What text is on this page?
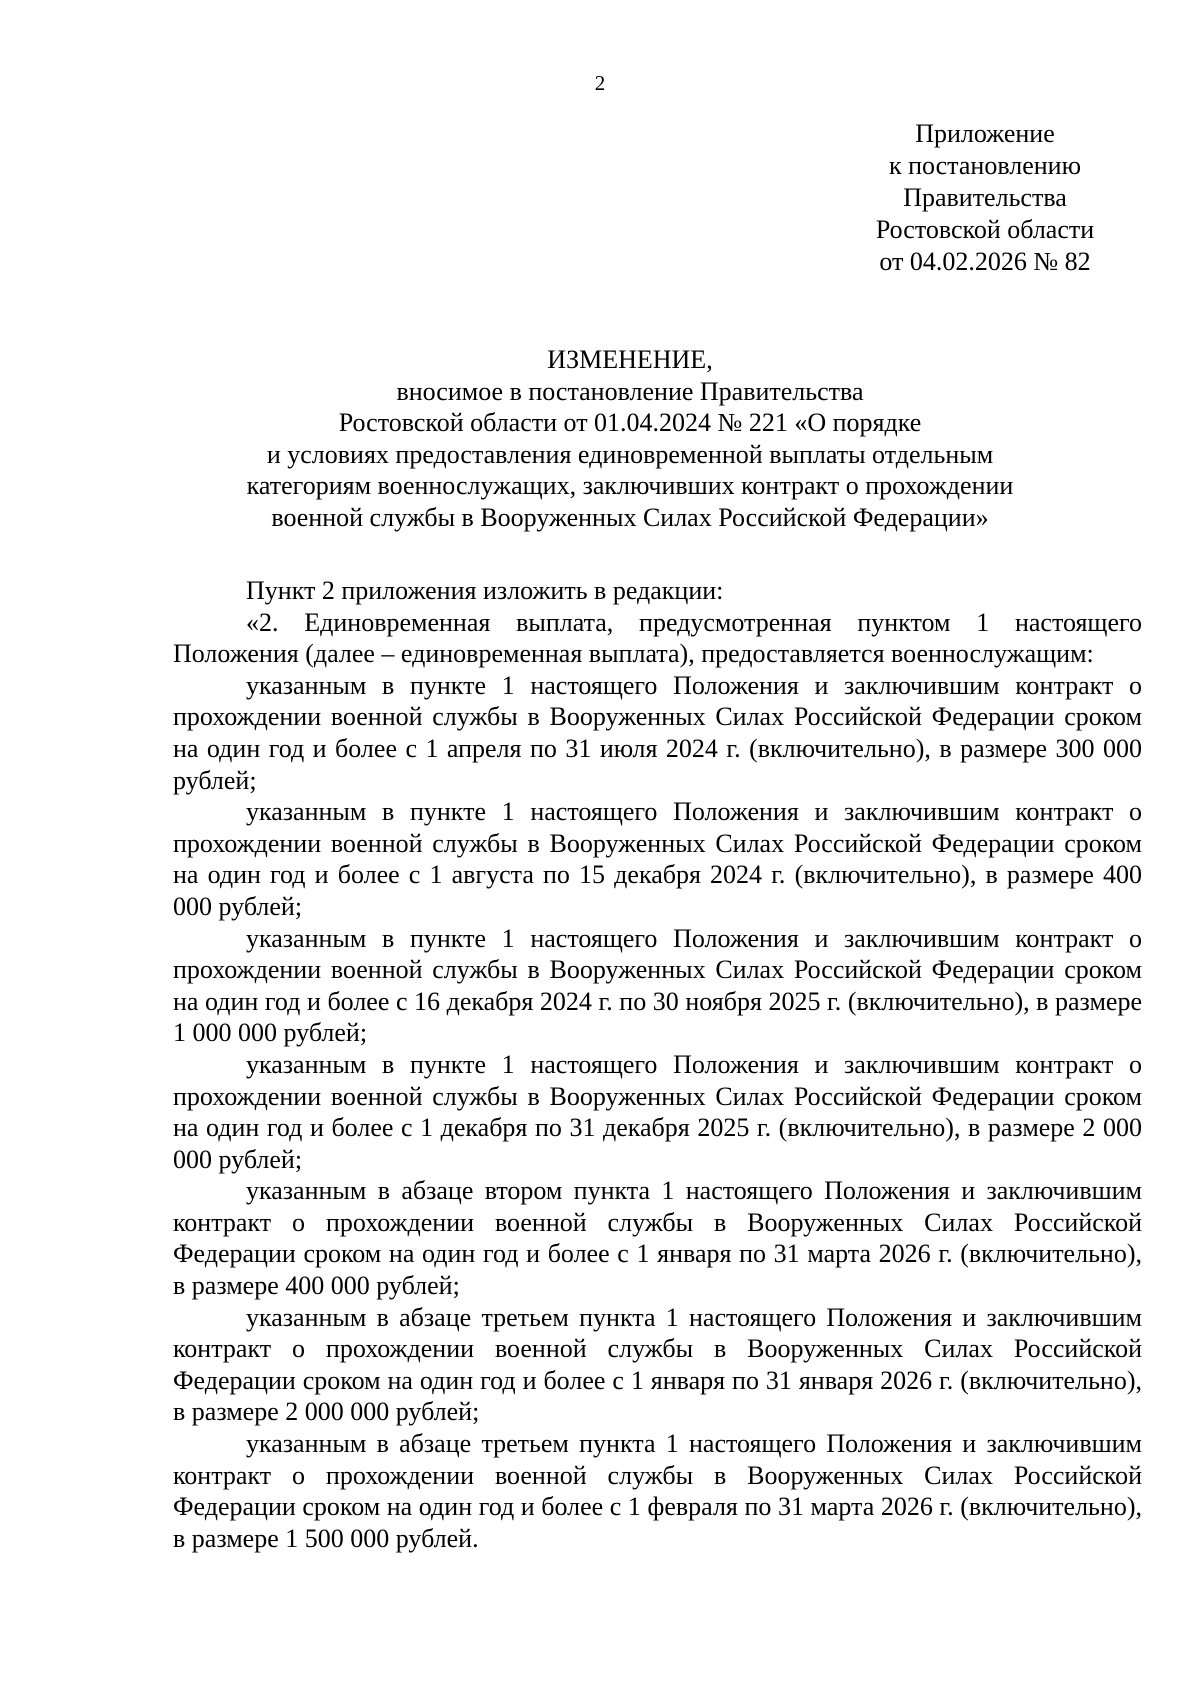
2
Приложение
к постановлению
Правительства
Ростовской области
от 04.02.2026 № 82
ИЗМЕНЕНИЕ,
вносимое в постановление Правительства
Ростовской области от 01.04.2024 № 221 «О порядке
и условиях предоставления единовременной выплаты отдельным
категориям военнослужащих, заключивших контракт о прохождении
военной службы в Вооруженных Силах Российской Федерации»

Пункт 2 приложения изложить в редакции:

«2. Единовременная выплата, предусмотренная пунктом 1 настоящего Положения (далее – единовременная выплата), предоставляется военнослужащим:

указанным в пункте 1 настоящего Положения и заключившим контракт о прохождении военной службы в Вооруженных Силах Российской Федерации сроком на один год и более с 1 апреля по 31 июля 2024 г. (включительно), в размере 300 000 рублей;

указанным в пункте 1 настоящего Положения и заключившим контракт о прохождении военной службы в Вооруженных Силах Российской Федерации сроком на один год и более с 1 августа по 15 декабря 2024 г. (включительно), в размере 400 000 рублей;

указанным в пункте 1 настоящего Положения и заключившим контракт о прохождении военной службы в Вооруженных Силах Российской Федерации сроком на один год и более с 16 декабря 2024 г. по 30 ноября 2025 г. (включительно), в размере 1 000 000 рублей;

указанным в пункте 1 настоящего Положения и заключившим контракт о прохождении военной службы в Вооруженных Силах Российской Федерации сроком на один год и более с 1 декабря по 31 декабря 2025 г. (включительно), в размере 2 000 000 рублей;

указанным в абзаце втором пункта 1 настоящего Положения и заключившим контракт о прохождении военной службы в Вооруженных Силах Российской Федерации сроком на один год и более с 1 января по 31 марта 2026 г. (включительно), в размере 400 000 рублей;

указанным в абзаце третьем пункта 1 настоящего Положения и заключившим контракт о прохождении военной службы в Вооруженных Силах Российской Федерации сроком на один год и более с 1 января по 31 января 2026 г. (включительно), в размере 2 000 000 рублей;

указанным в абзаце третьем пункта 1 настоящего Положения и заключившим контракт о прохождении военной службы в Вооруженных Силах Российской Федерации сроком на один год и более с 1 февраля по 31 марта 2026 г. (включительно), в размере 1 500 000 рублей.
